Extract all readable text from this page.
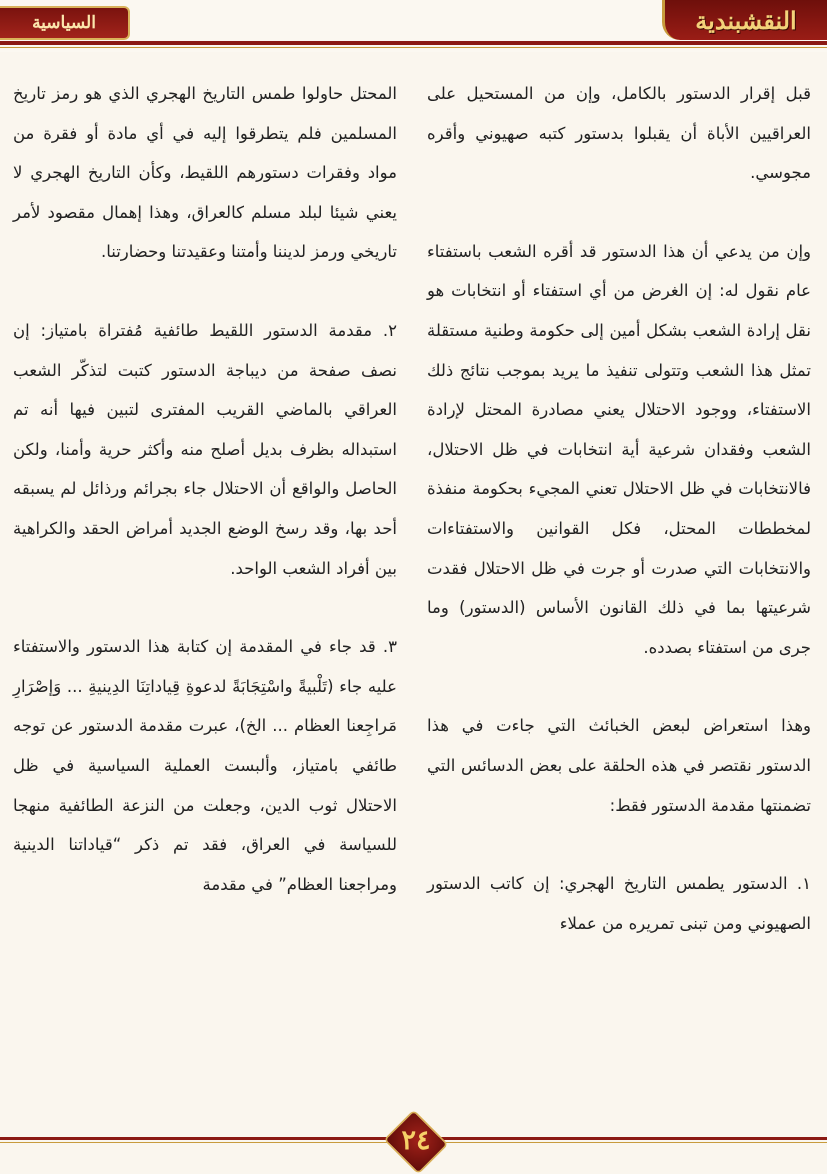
النقشبندية
السياسية

قبل إقرار الدستور بالكامل، وإن من المستحيل على العراقيين الأباة أن يقبلوا بدستور كتبه صهيوني وأقره مجوسي.

وإن من يدعي أن هذا الدستور قد أقره الشعب باستفتاء عام نقول له: إن الغرض من أي استفتاء أو انتخابات هو نقل إرادة الشعب بشكل أمين إلى حكومة وطنية مستقلة تمثل هذا الشعب وتتولى تنفيذ ما يريد بموجب نتائج ذلك الاستفتاء، ووجود الاحتلال يعني مصادرة المحتل لإرادة الشعب وفقدان شرعية أية انتخابات في ظل الاحتلال، فالانتخابات في ظل الاحتلال تعني المجيء بحكومة منفذة لمخططات المحتل، فكل القوانين والاستفتاءات والانتخابات التي صدرت أو جرت في ظل الاحتلال فقدت شرعيتها بما في ذلك القانون الأساس (الدستور) وما جرى من استفتاء بصدده.

وهذا استعراض لبعض الخبائث التي جاءت في هذا الدستور نقتصر في هذه الحلقة على بعض الدسائس التي تضمنتها مقدمة الدستور فقط:

١. الدستور يطمس التاريخ الهجري: إن كاتب الدستور الصهيوني ومن تبنى تمريره من عملاء

المحتل حاولوا طمس التاريخ الهجري الذي هو رمز تاريخ المسلمين فلم يتطرقوا إليه في أي مادة أو فقرة من مواد وفقرات دستورهم اللقيط، وكأن التاريخ الهجري لا يعني شيئا لبلد مسلم كالعراق، وهذا إهمال مقصود لأمر تاريخي ورمز لديننا وأمتنا وعقيدتنا وحضارتنا.

٢. مقدمة الدستور اللقيط طائفية مُفتراة بامتياز: إن نصف صفحة من ديباجة الدستور كتبت لتذكّر الشعب العراقي بالماضي القريب المفترى لتبين فيها أنه تم استبداله بظرف بديل أصلح منه وأكثر حرية وأمنا، ولكن الحاصل والواقع أن الاحتلال جاء بجرائم ورذائل لم يسبقه أحد بها، وقد رسخ الوضع الجديد أمراض الحقد والكراهية بين أفراد الشعب الواحد.

٣. قد جاء في المقدمة إن كتابة هذا الدستور والاستفتاء عليه جاء (تَلْبيةً واسْتِجَابَةً لدعوةِ قِياداتِنَا الدِينيةِ ... وَإصْرَارِ مَراجِعنا العظام ... الخ)، عبرت مقدمة الدستور عن توجه طائفي بامتياز، وألبست العملية السياسية في ظل الاحتلال ثوب الدين، وجعلت من النزعة الطائفية منهجا للسياسة في العراق، فقد تم ذكر “قياداتنا الدينية ومراجعنا العظام” في مقدمة

٢٤
